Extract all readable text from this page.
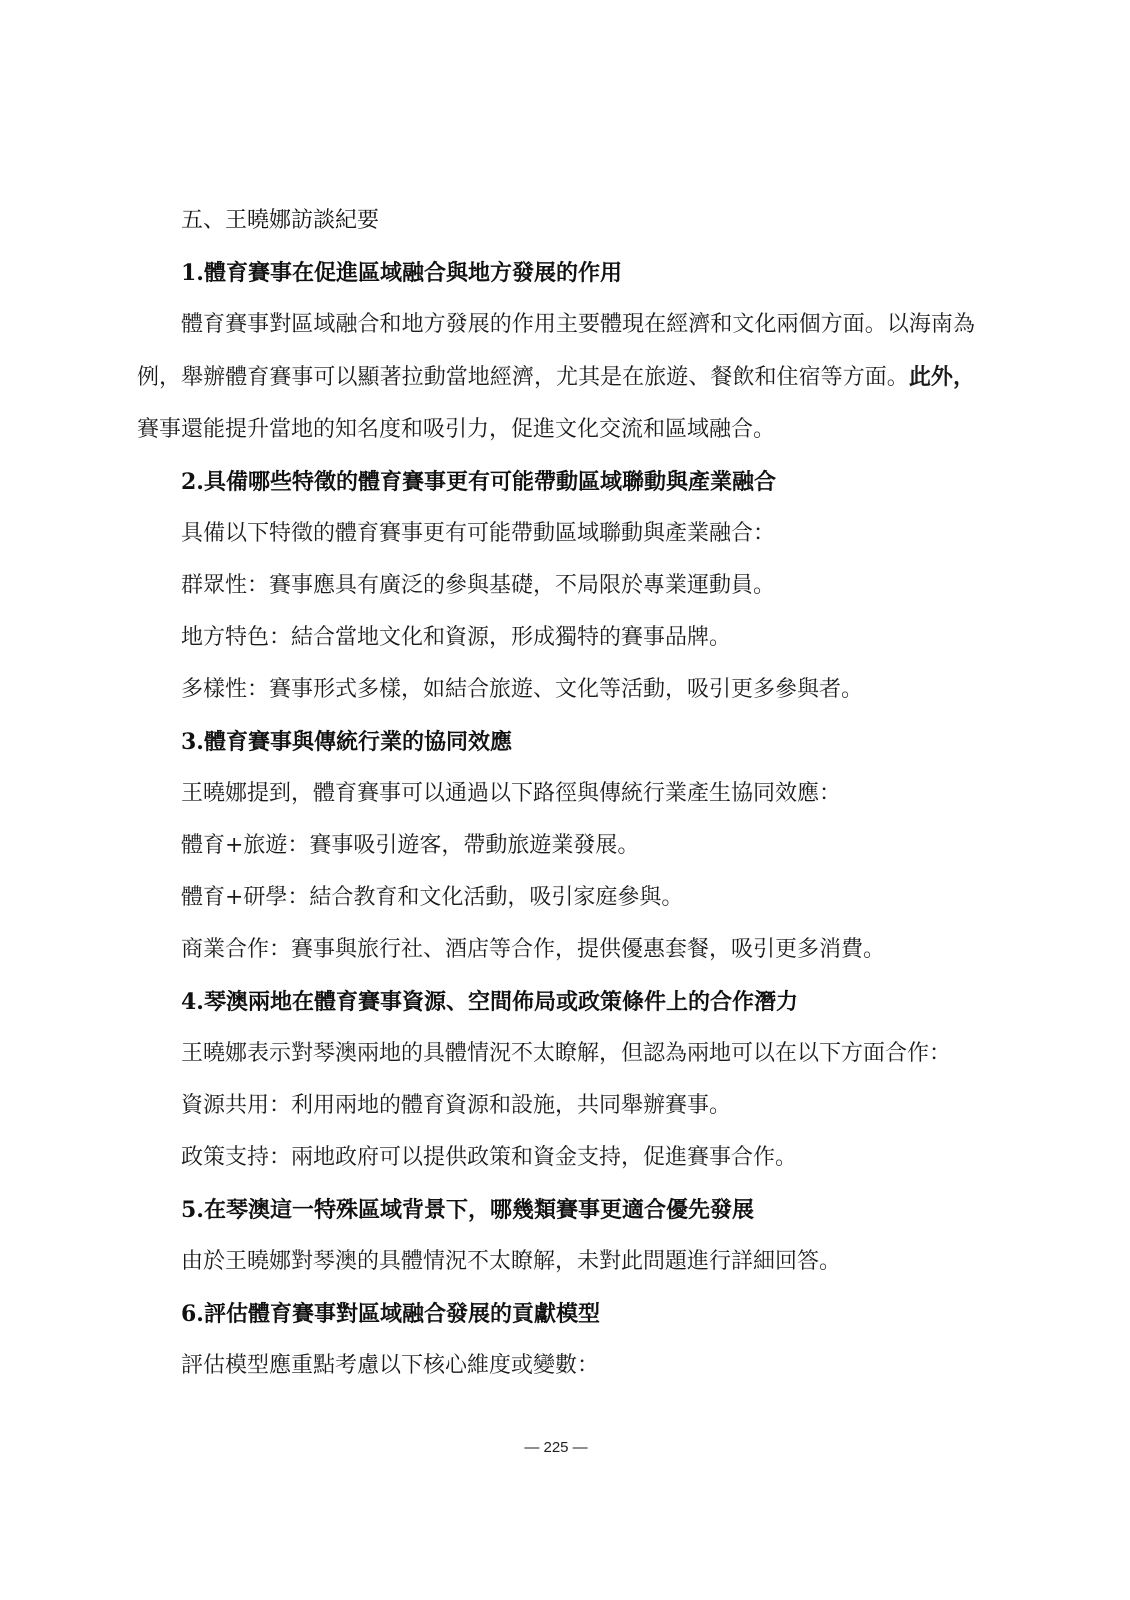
五、王曉娜訪談紀要
1.體育賽事在促進區域融合與地方發展的作用
體育賽事對區域融合和地方發展的作用主要體現在經濟和文化兩個方面。以海南為例，舉辦體育賽事可以顯著拉動當地經濟，尤其是在旅遊、餐飲和住宿等方面。此外，賽事還能提升當地的知名度和吸引力，促進文化交流和區域融合。
2.具備哪些特徵的體育賽事更有可能帶動區域聯動與產業融合
具備以下特徵的體育賽事更有可能帶動區域聯動與產業融合：
群眾性：賽事應具有廣泛的參與基礎，不局限於專業運動員。
地方特色：結合當地文化和資源，形成獨特的賽事品牌。
多樣性：賽事形式多樣，如結合旅遊、文化等活動，吸引更多參與者。
3.體育賽事與傳統行業的協同效應
王曉娜提到，體育賽事可以通過以下路徑與傳統行業產生協同效應：
體育+旅遊：賽事吸引遊客，帶動旅遊業發展。
體育+研學：結合教育和文化活動，吸引家庭參與。
商業合作：賽事與旅行社、酒店等合作，提供優惠套餐，吸引更多消費。
4.琴澳兩地在體育賽事資源、空間佈局或政策條件上的合作潛力
王曉娜表示對琴澳兩地的具體情況不太瞭解，但認為兩地可以在以下方面合作：
資源共用：利用兩地的體育資源和設施，共同舉辦賽事。
政策支持：兩地政府可以提供政策和資金支持，促進賽事合作。
5.在琴澳這一特殊區域背景下，哪幾類賽事更適合優先發展
由於王曉娜對琴澳的具體情況不太瞭解，未對此問題進行詳細回答。
6.評估體育賽事對區域融合發展的貢獻模型
評估模型應重點考慮以下核心維度或變數：
— 225 —
